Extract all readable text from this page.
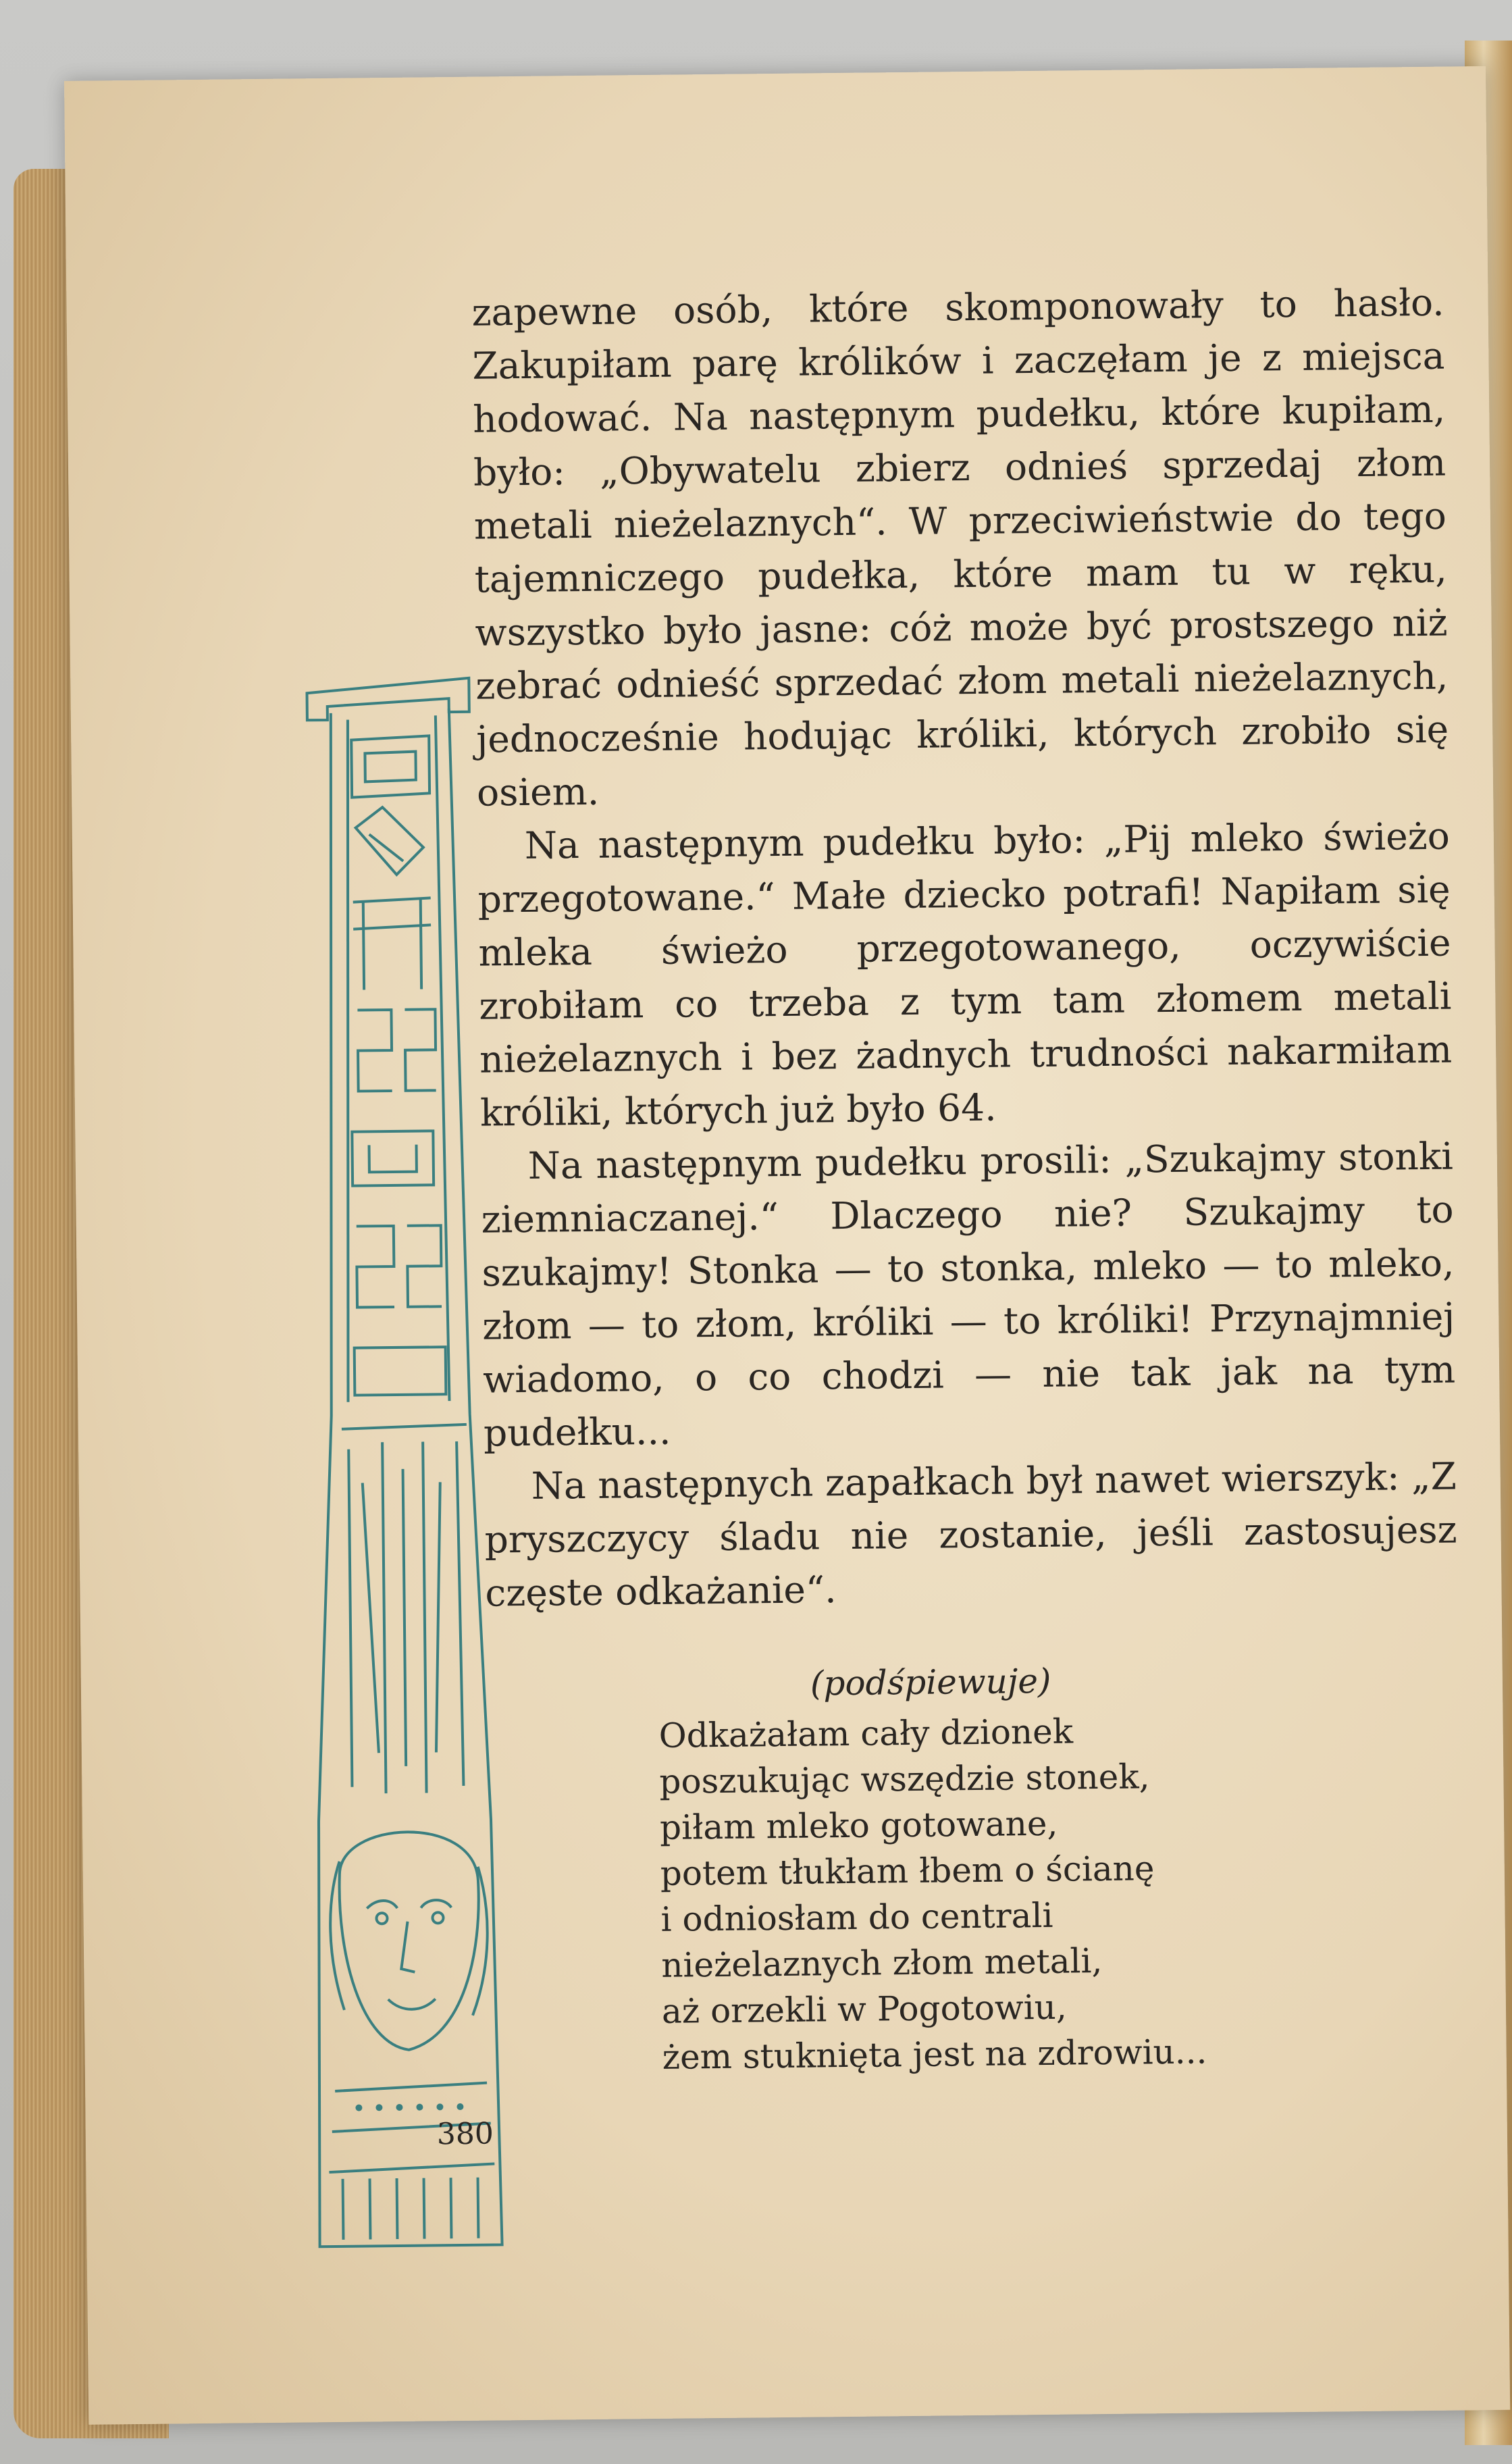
zapewne osób, które skomponowały to hasło. Zakupiłam parę królików i zaczęłam je z miejsca hodować. Na następnym pudełku, które kupiłam, było: „Obywatelu zbierz odnieś sprzedaj złom metali nieżelaznych“. W przeciwieństwie do tego tajemniczego pudełka, które mam tu w ręku, wszystko było jasne: cóż może być prostszego niż zebrać odnieść sprzedać złom metali nieżelaznych, jednocześnie hodując króliki, których zrobiło się osiem.

Na następnym pudełku było: „Pij mleko świeżo przegotowane.“ Małe dziecko potrafi! Napiłam się mleka świeżo przegotowanego, oczywiście zrobiłam co trzeba z tym tam złomem metali nieżelaznych i bez żadnych trudności nakarmiłam króliki, których już było 64.

Na następnym pudełku prosili: „Szukajmy stonki ziemniaczanej.“ Dlaczego nie? Szukajmy to szukajmy! Stonka — to stonka, mleko — to mleko, złom — to złom, króliki — to króliki! Przynajmniej wiadomo, o co chodzi — nie tak jak na tym pudełku...

Na następnych zapałkach był nawet wierszyk: „Z pryszczycy śladu nie zostanie, jeśli zastosujesz częste odkażanie“.

(podśpiewuje)
Odkażałam cały dzionek
poszukując wszędzie stonek,
piłam mleko gotowane,
potem tłukłam łbem o ścianę
i odniosłam do centrali
nieżelaznych złom metali,
aż orzekli w Pogotowiu,
żem stuknięta jest na zdrowiu...
380
